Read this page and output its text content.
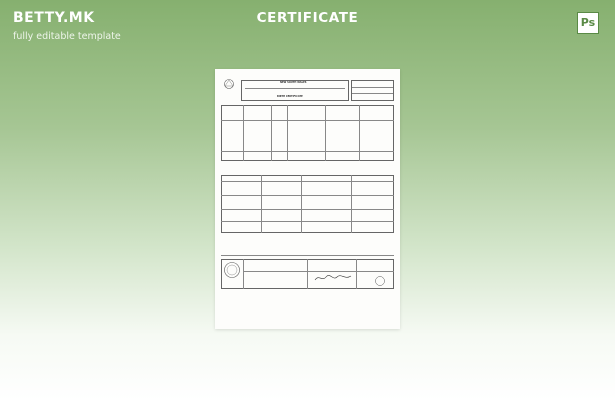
BETTY.MK
fully editable template
CERTIFICATE	Ps
NEW SOUTH WALES
BIRTH CERTIFICATE
